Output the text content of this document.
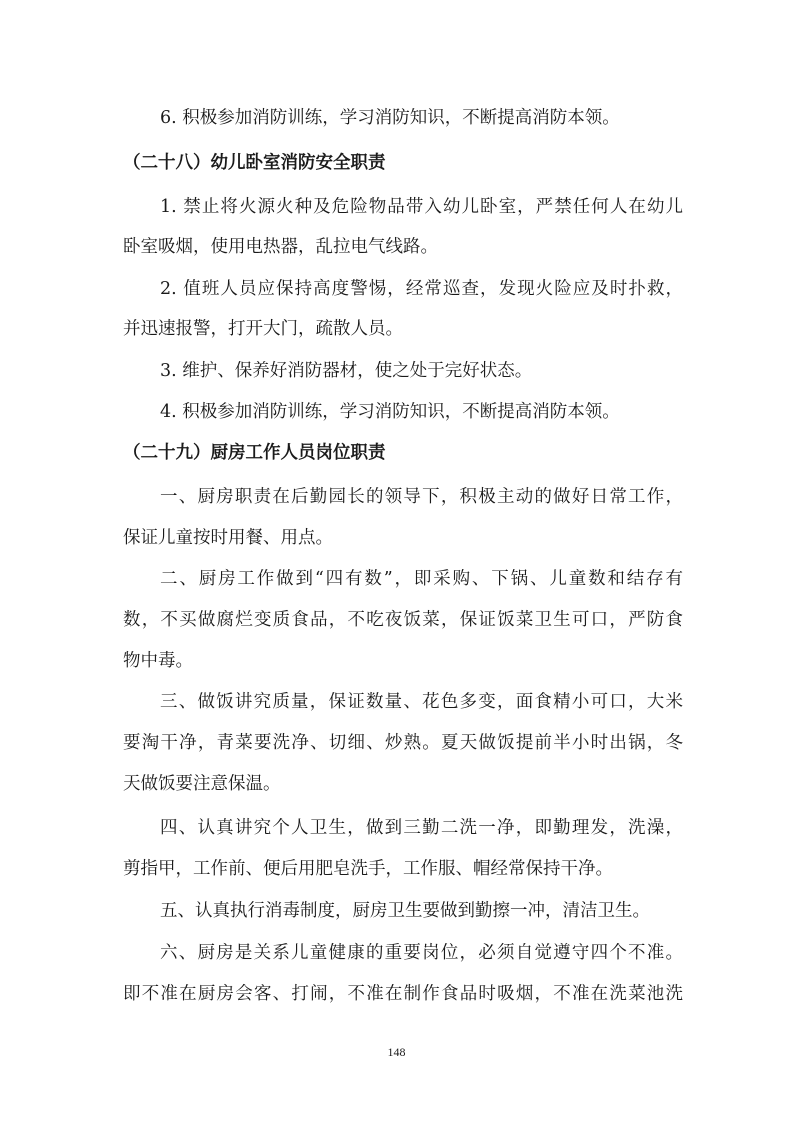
6. 积极参加消防训练，学习消防知识，不断提高消防本领。
（二十八）幼儿卧室消防安全职责
1. 禁止将火源火种及危险物品带入幼儿卧室，严禁任何人在幼儿
卧室吸烟，使用电热器，乱拉电气线路。
2. 值班人员应保持高度警惕，经常巡查，发现火险应及时扑救，
并迅速报警，打开大门，疏散人员。
3. 维护、保养好消防器材，使之处于完好状态。
4. 积极参加消防训练，学习消防知识，不断提高消防本领。
（二十九）厨房工作人员岗位职责
一、厨房职责在后勤园长的领导下，积极主动的做好日常工作，
保证儿童按时用餐、用点。
二、厨房工作做到“四有数”，即采购、下锅、儿童数和结存有
数，不买做腐烂变质食品，不吃夜饭菜，保证饭菜卫生可口，严防食
物中毒。
三、做饭讲究质量，保证数量、花色多变，面食精小可口，大米
要淘干净，青菜要洗净、切细、炒熟。夏天做饭提前半小时出锅，冬
天做饭要注意保温。
四、认真讲究个人卫生，做到三勤二洗一净，即勤理发，洗澡，
剪指甲，工作前、便后用肥皂洗手，工作服、帽经常保持干净。
五、认真执行消毒制度，厨房卫生要做到勤擦一冲，清洁卫生。
六、厨房是关系儿童健康的重要岗位，必须自觉遵守四个不准。
即不准在厨房会客、打闹，不准在制作食品时吸烟，不准在洗菜池洗
148
